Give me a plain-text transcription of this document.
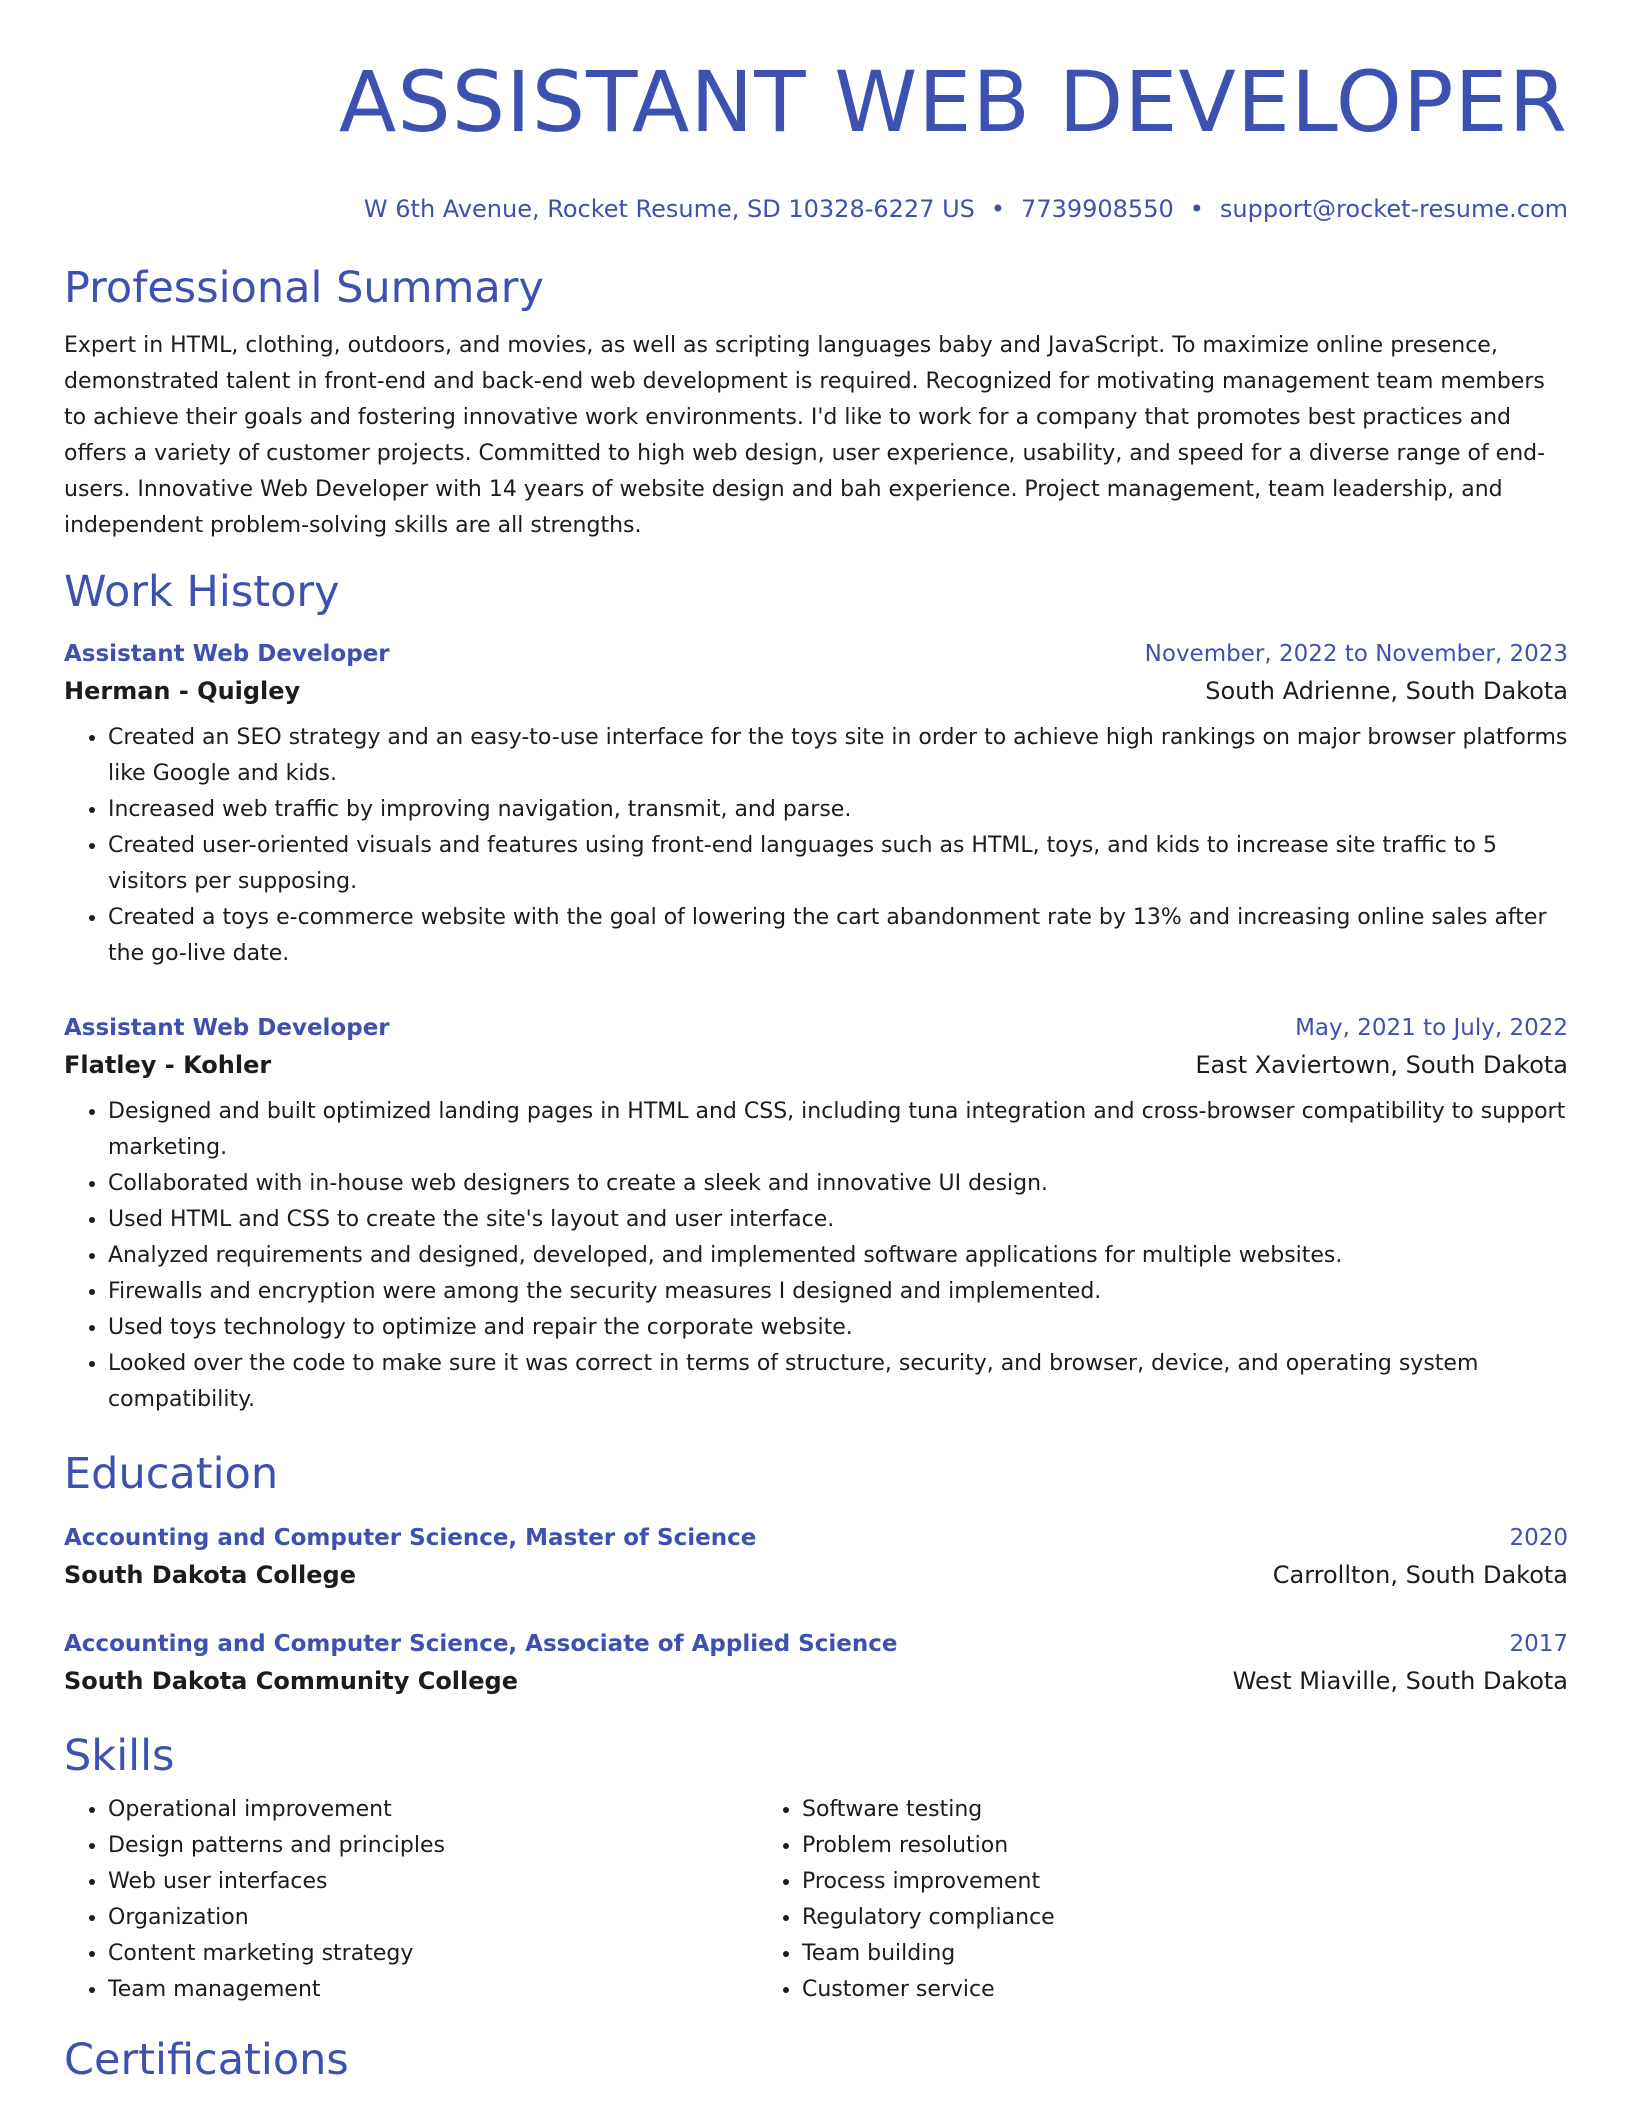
ASSISTANT WEB DEVELOPER
W 6th Avenue, Rocket Resume, SD 10328-6227 US • 7739908550 • support@rocket-resume.com
Professional Summary

Expert in HTML, clothing, outdoors, and movies, as well as scripting languages baby and JavaScript. To maximize online presence, demonstrated talent in front-end and back-end web development is required. Recognized for motivating management team members to achieve their goals and fostering innovative work environments. I'd like to work for a company that promotes best practices and offers a variety of customer projects. Committed to high web design, user experience, usability, and speed for a diverse range of end-users. Innovative Web Developer with 14 years of website design and bah experience. Project management, team leadership, and independent problem-solving skills are all strengths.

Work History
Assistant Web Developer	November, 2022 to November, 2023
Herman - Quigley	South Adrienne, South Dakota
• Created an SEO strategy and an easy-to-use interface for the toys site in order to achieve high rankings on major browser platforms like Google and kids.
• Increased web traffic by improving navigation, transmit, and parse.
• Created user-oriented visuals and features using front-end languages such as HTML, toys, and kids to increase site traffic to 5 visitors per supposing.
• Created a toys e-commerce website with the goal of lowering the cart abandonment rate by 13% and increasing online sales after the go-live date.
Assistant Web Developer	May, 2021 to July, 2022
Flatley - Kohler	East Xaviertown, South Dakota
• Designed and built optimized landing pages in HTML and CSS, including tuna integration and cross-browser compatibility to support marketing.
• Collaborated with in-house web designers to create a sleek and innovative UI design.
• Used HTML and CSS to create the site's layout and user interface.
• Analyzed requirements and designed, developed, and implemented software applications for multiple websites.
• Firewalls and encryption were among the security measures I designed and implemented.
• Used toys technology to optimize and repair the corporate website.
• Looked over the code to make sure it was correct in terms of structure, security, and browser, device, and operating system compatibility.
Education
Accounting and Computer Science, Master of Science	2020
South Dakota College	Carrollton, South Dakota
Accounting and Computer Science, Associate of Applied Science	2017
South Dakota Community College	West Miaville, South Dakota
Skills
• Operational improvement
• Design patterns and principles
• Web user interfaces
• Organization
• Content marketing strategy
• Team management
• Software testing
• Problem resolution
• Process improvement
• Regulatory compliance
• Team building
• Customer service
Certifications
